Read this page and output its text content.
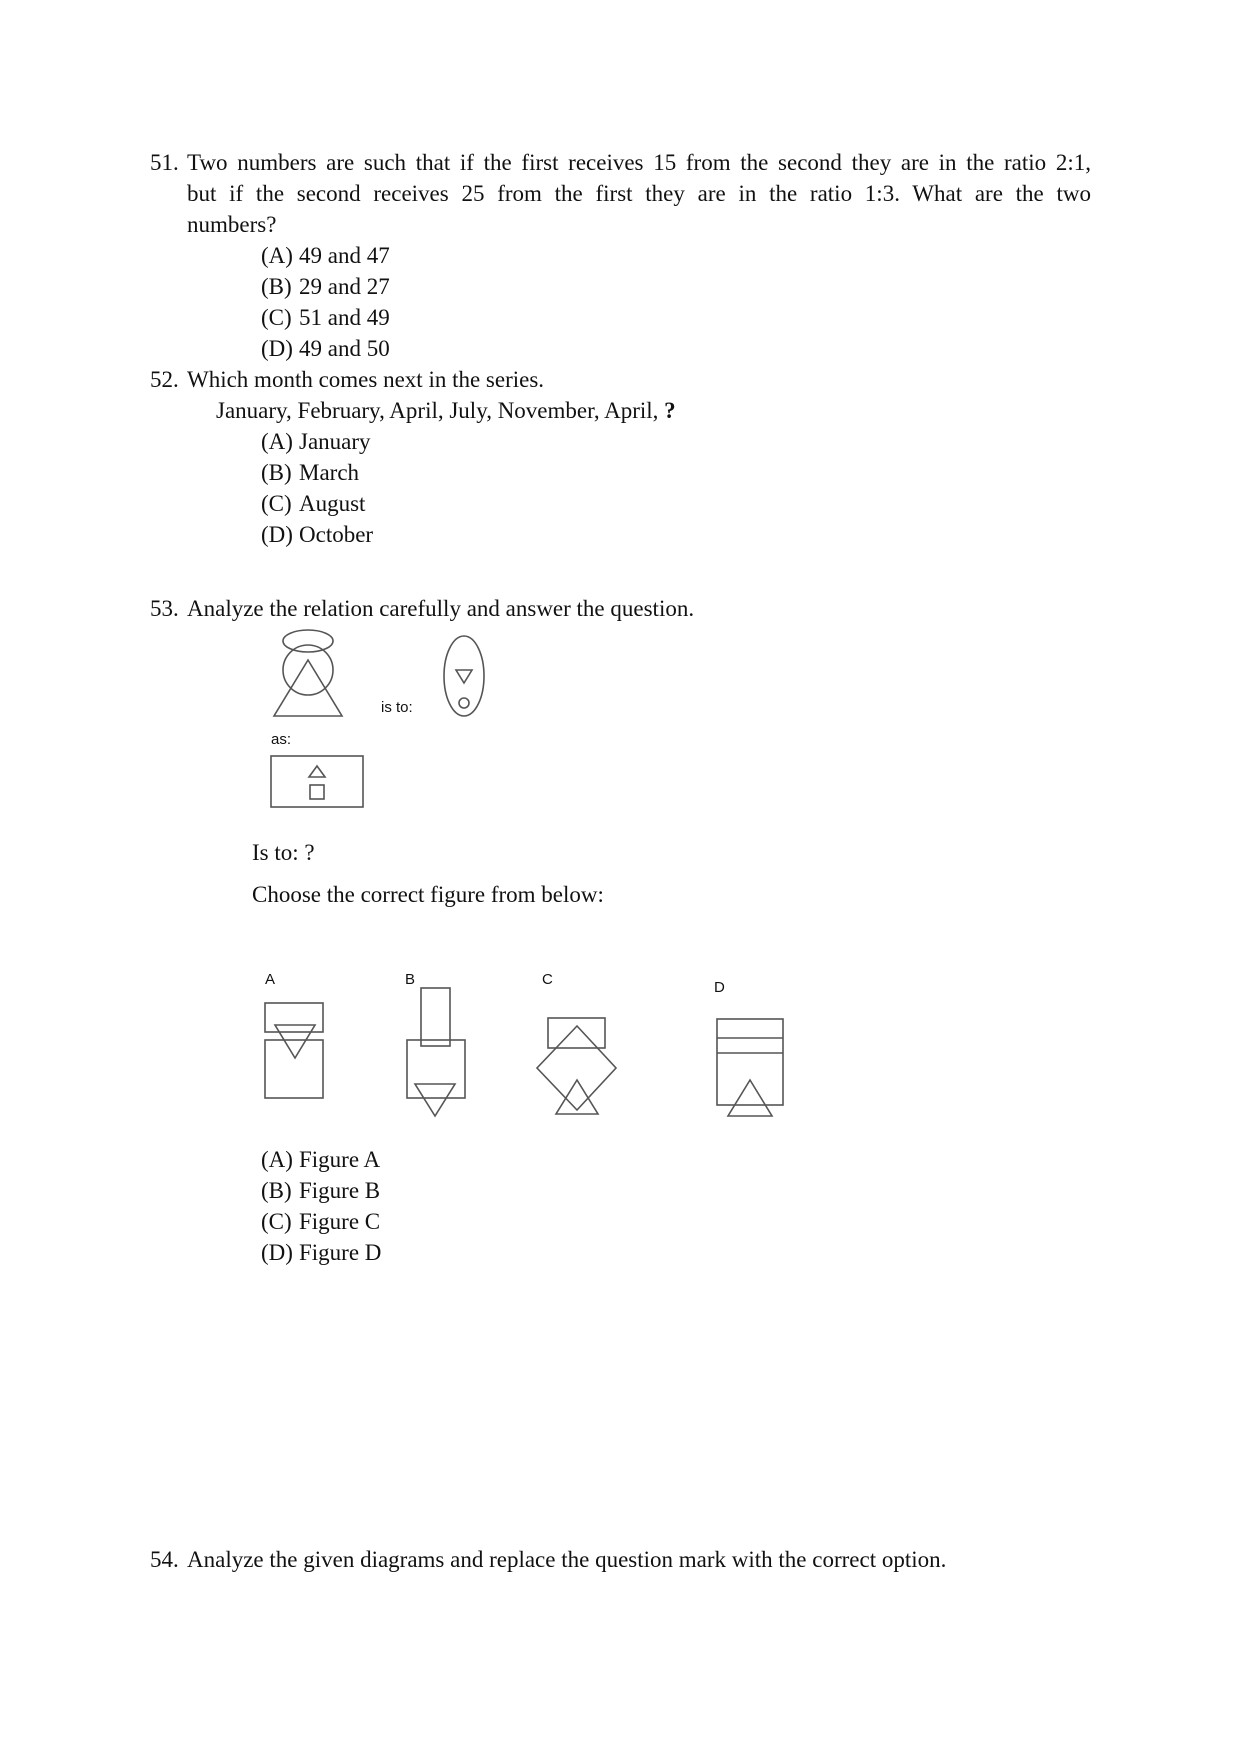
51. Two numbers are such that if the first receives 15 from the second they are in the ratio 2:1,
but if the second receives 25 from the first they are in the ratio 1:3. What are the two
numbers?
(A) 49 and 47
(B) 29 and 27
(C) 51 and 49
(D) 49 and 50
52. Which month comes next in the series.
January, February, April, July, November, April, ?
(A) January
(B) March
(C) August
(D) October
53. Analyze the relation carefully and answer the question.
is to:
as:
Is to: ?
Choose the correct figure from below:
A	B	C	D
(A) Figure A
(B) Figure B
(C) Figure C
(D) Figure D
54. Analyze the given diagrams and replace the question mark with the correct option.
